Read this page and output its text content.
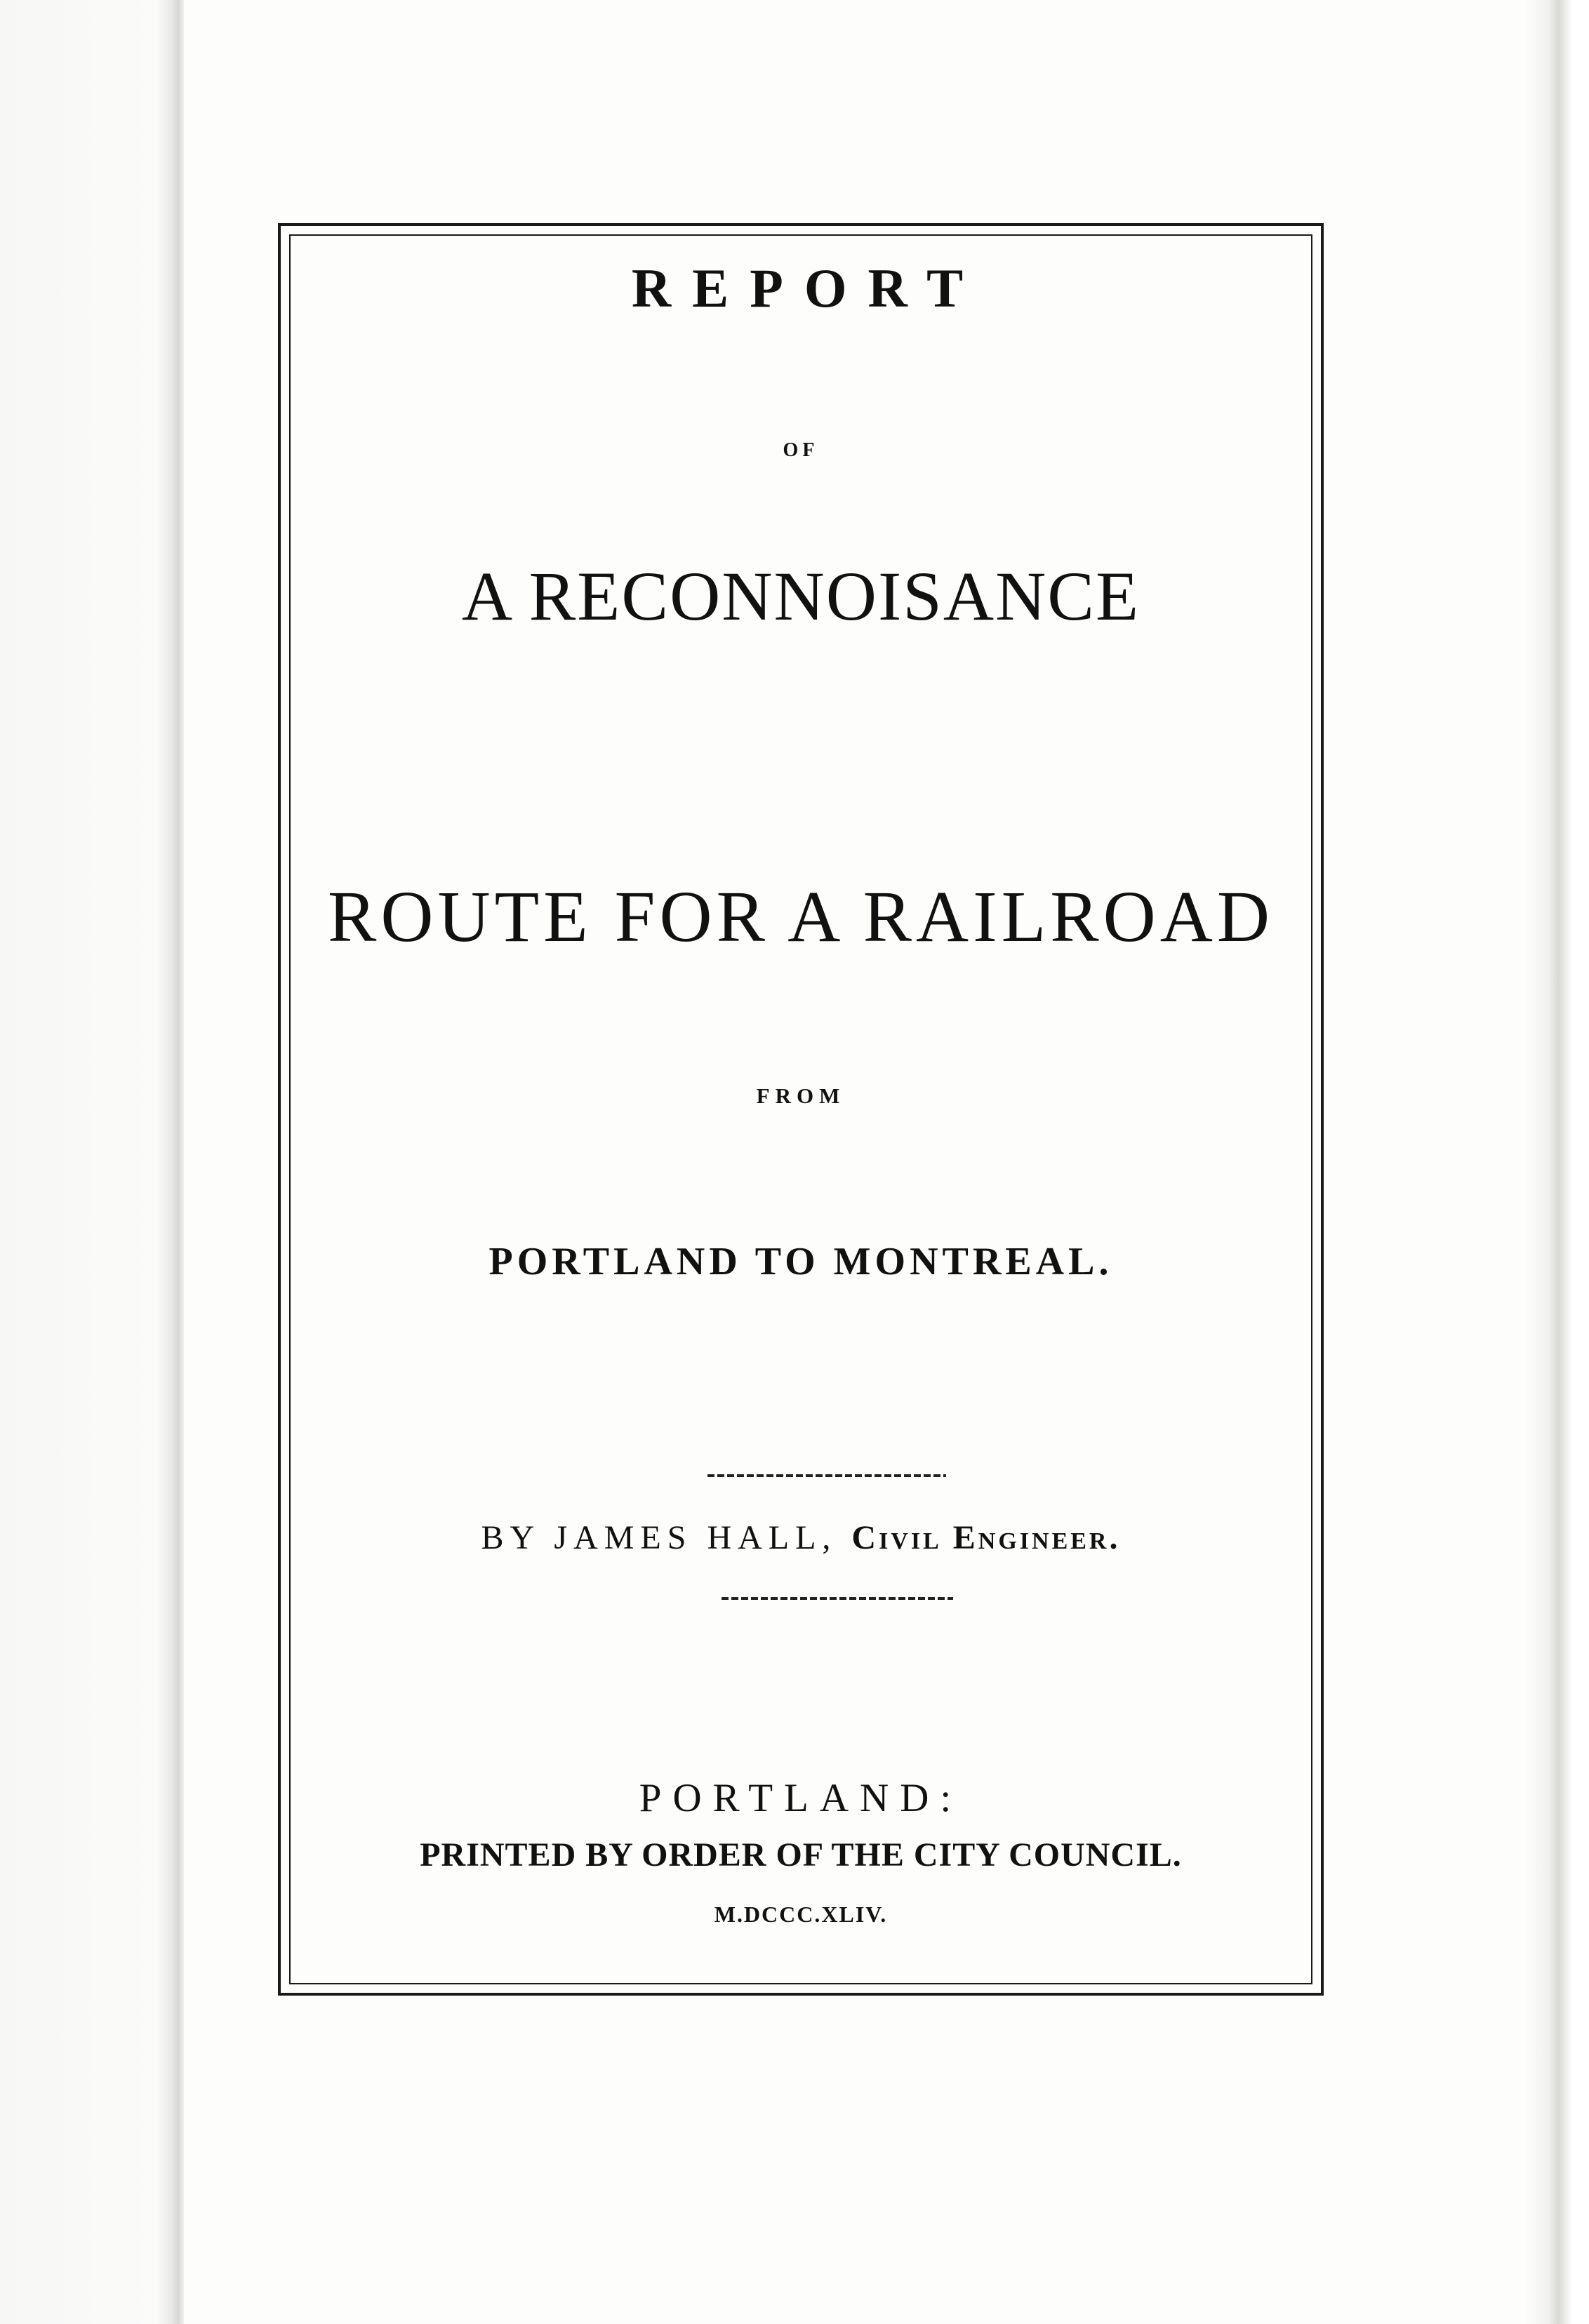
REPORT
OF
A RECONNOISANCE
ROUTE FOR A RAILROAD
FROM
PORTLAND TO MONTREAL.
BY JAMES HALL, Civil Engineer.
PORTLAND:
PRINTED BY ORDER OF THE CITY COUNCIL.
M.DCCC.XLIV.
